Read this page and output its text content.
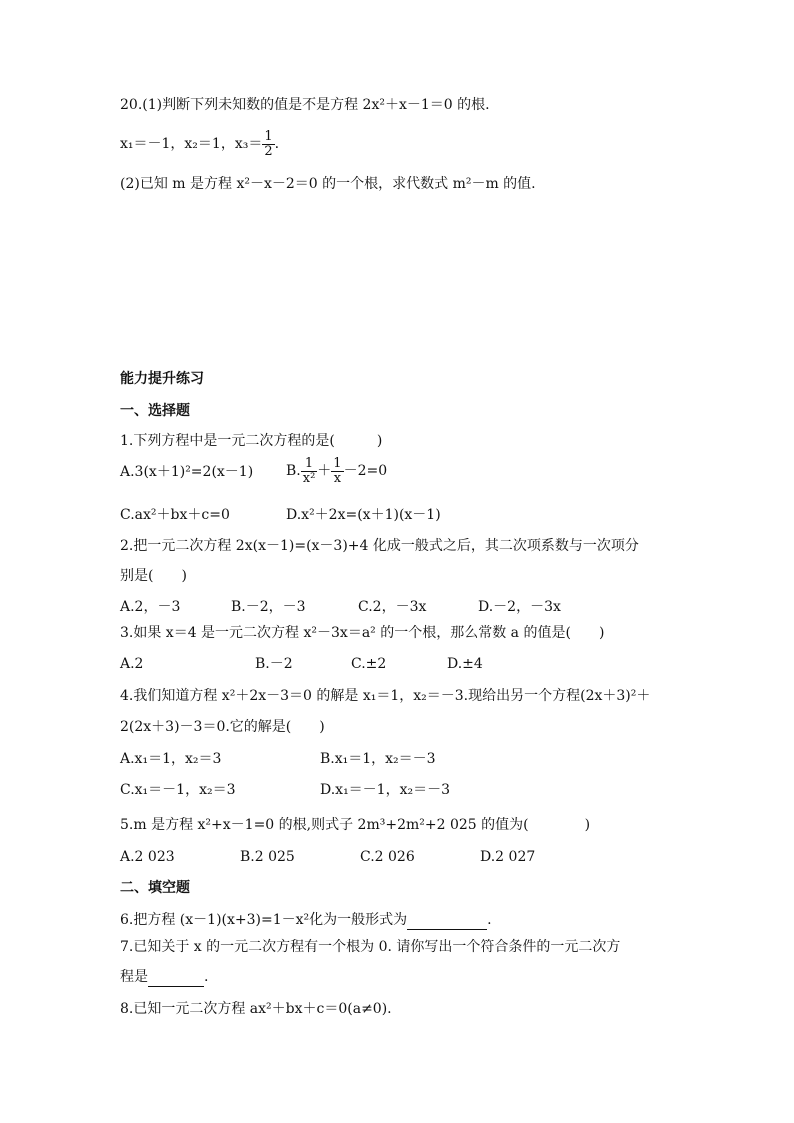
20.(1)判断下列未知数的值是不是方程 2x²＋x－1＝0 的根.
x₁＝－1，x₂＝1，$x_3= \frac{1}{2}$ .
(2)已知 m 是方程 x²－x－2＝0 的一个根，求代数式 m²－m 的值.
能力提升练习
一、选择题
1.下列方程中是一元二次方程的是(　　　)
A.3(x＋1)²=2(x－1) B. $\frac{1}{\text{x²}} + \frac{1}{x} -2=0$
C.ax²＋bx＋c=0	D.x²＋2x=(x＋1)(x－1)
2.把一元二次方程 2x(x－1)=(x－3)+4 化成一般式之后，其二次项系数与一次项分
别是(　　)
A.2，－3	B.－2，－3	C.2，－3x	D.－2，－3x
3.如果 x＝4 是一元二次方程 x²－3x＝a² 的一个根，那么常数 a 的值是(　　)
A.2	B.－2	C.±2	D.±4
4.我们知道方程 x²＋2x－3＝0 的解是 x₁＝1，x₂＝－3.现给出另一个方程(2x＋3)²＋
2(2x＋3)－3＝0.它的解是(　　)
A.x₁＝1，x₂＝3	B.x₁＝1，x₂＝－3
C.x₁＝－1，x₂＝3	D.x₁＝－1，x₂＝－3
5.m 是方程 x²+x－1=0 的根,则式子 2m³+2m²+2 025 的值为(　　　　)
A.2 023	B.2 025	C.2 026	D.2 027
二、填空题
6.把方程 (x－1)(x+3)=1－x²化为一般形式为	.
7.已知关于 x 的一元二次方程有一个根为 0. 请你写出一个符合条件的一元二次方
程是	.
8.已知一元二次方程 ax²＋bx＋c＝0(a≠0).
